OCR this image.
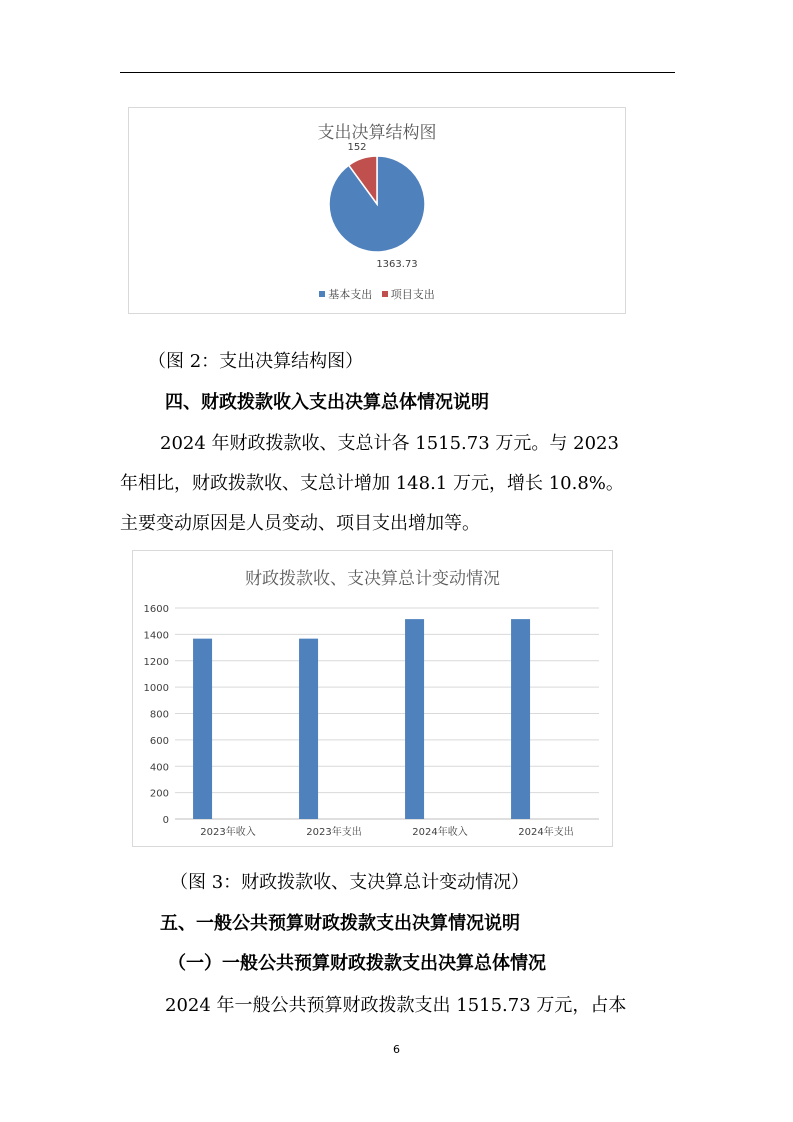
支出决算结构图
1363.73
152
基本支出 项目支出
（图 2：支出决算结构图）
四、财政拨款收入支出决算总体情况说明
2024 年财政拨款收、支总计各 1515.73 万元。与 2023
年相比，财政拨款收、支总计增加 148.1 万元，增长 10.8%。
主要变动原因是人员变动、项目支出增加等。
财政拨款收、支决算总计变动情况
0
200
400
600
800
1000
1200
1400
1600
2023年收入	2023年支出	2024年收入	2024年支出
（图 3：财政拨款收、支决算总计变动情况）
五、一般公共预算财政拨款支出决算情况说明
（一）一般公共预算财政拨款支出决算总体情况
2024 年一般公共预算财政拨款支出 1515.73 万元，占本
6
